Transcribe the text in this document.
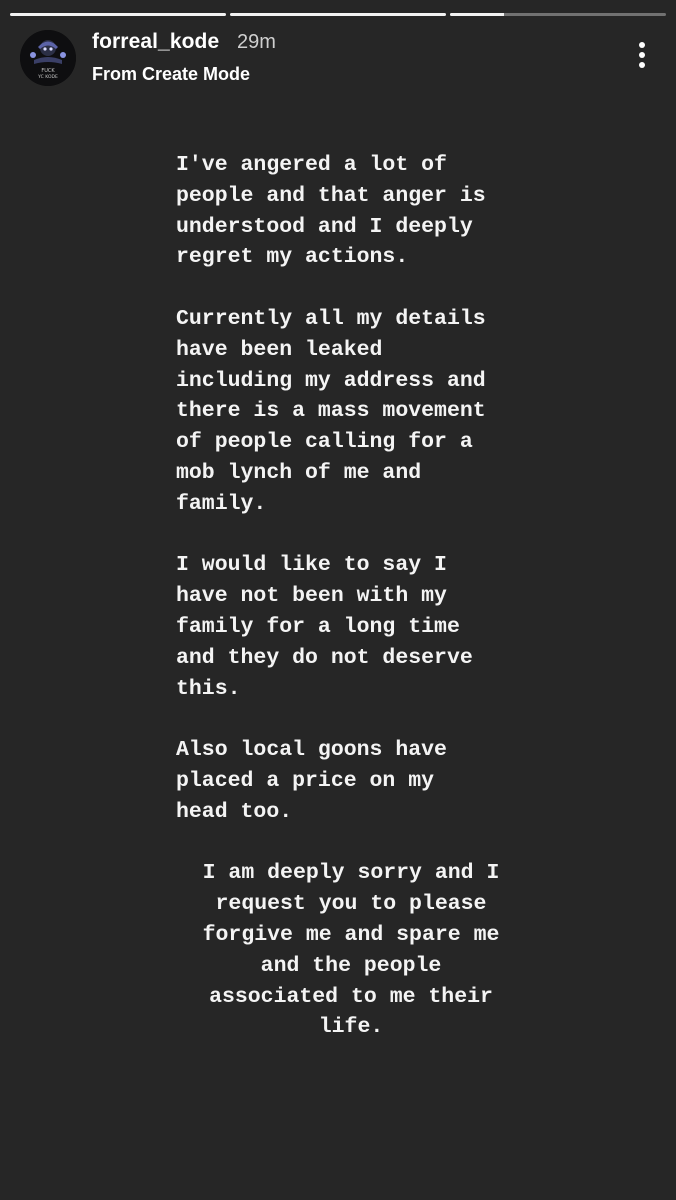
FUCK
YC KODE
forreal_kode 29m
From Create Mode

I've angered a lot of
people and that anger is
understood and I deeply
regret my actions.

Currently all my details
have been leaked
including my address and
there is a mass movement
of people calling for a
mob lynch of me and
family.

I would like to say I
have not been with my
family for a long time
and they do not deserve
this.

Also local goons have
placed a price on my
head too.

I am deeply sorry and I
request you to please
forgive me and spare me
and the people
associated to me their
life.
